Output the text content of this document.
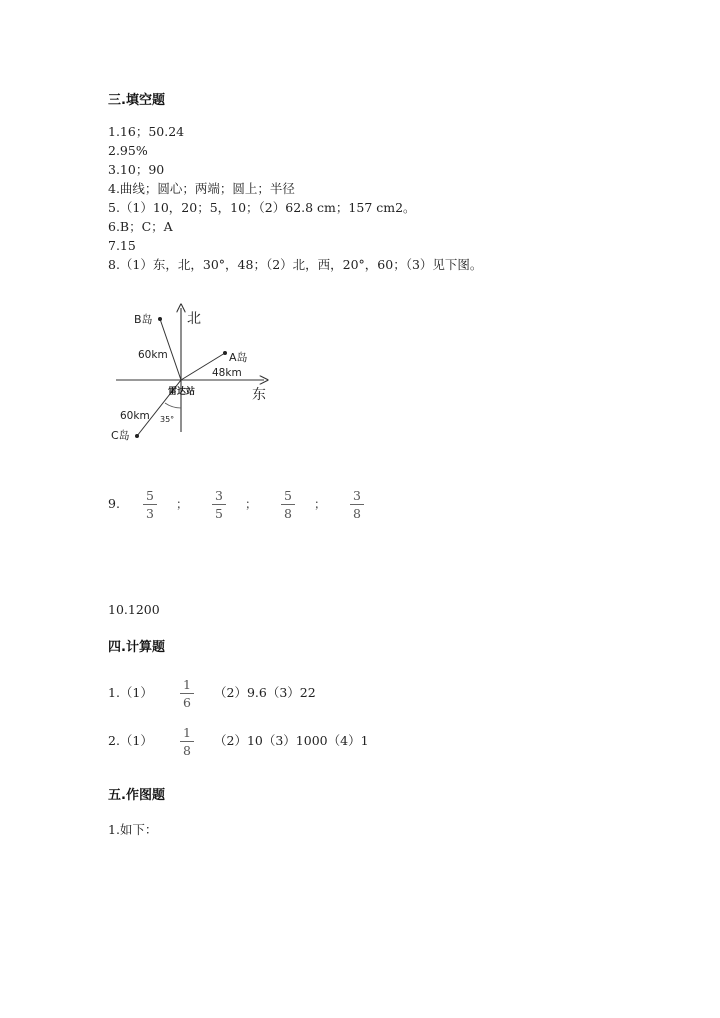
三.填空题
1.16；50.24
2.95%
3.10；90
4.曲线；圆心；两端；圆上；半径
5.（1）10，20；5，10；（2）62.8 cm；157 cm2。
6.B；C；A
7.15
8.（1）东，北，30°，48；（2）北，西，20°，60；（3）见下图。
北
东
雷达站
B岛
A岛
C岛
60km
48km
60km 35°
9.
5
3
；
3
5
；
5
8
；
3
8
10.1200
四.计算题
1.（1）
1
6
（2）9.6（3）22
2.（1）
1
8
（2）10（3）1000（4）1
五.作图题
1.如下：
